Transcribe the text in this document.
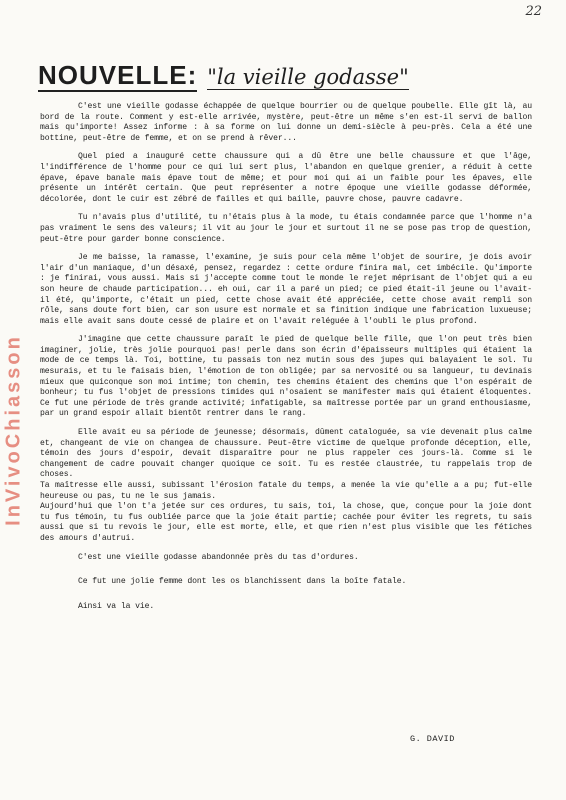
22
InVivoChiasson
NOUVELLE: "la vieille godasse"

C'est une vieille godasse échappée de quelque bourrier ou de quelque poubelle. Elle gît là, au bord de la route. Comment y est-elle arrivée, mystère, peut-être un même s'en est-il servi de ballon mais qu'importe! Assez informe : à sa forme on lui donne un demi-siècle à peu-près. Cela a été une bottine, peut-être de femme, et on se prend à rêver...

Quel pied a inauguré cette chaussure qui a dû être une belle chaussure et que l'âge, l'indifférence de l'homme pour ce qui lui sert plus, l'abandon en quelque grenier, a réduit à cette épave, épave banale mais épave tout de même; et pour moi qui ai un faible pour les épaves, elle présente un intérêt certain. Que peut représenter a notre époque une vieille godasse déformée, décolorée, dont le cuir est zébré de failles et qui baille, pauvre chose, pauvre cadavre.

Tu n'avais plus d'utilité, tu n'étais plus à la mode, tu étais condamnée parce que l'homme n'a pas vraiment le sens des valeurs; il vit au jour le jour et surtout il ne se pose pas trop de question, peut-être pour garder bonne conscience.

Je me baisse, la ramasse, l'examine, je suis pour cela même l'objet de sourire, je dois avoir l'air d'un maniaque, d'un désaxé, pensez, regardez : cette ordure finira mal, cet imbécile. Qu'importe : je finirai, vous aussi. Mais si j'accepte comme tout le monde le rejet méprisant de l'objet qui a eu son heure de chaude participation... eh oui, car il a paré un pied; ce pied était-il jeune ou l'avait-il été, qu'importe, c'était un pied, cette chose avait été appréciée, cette chose avait rempli son rôle, sans doute fort bien, car son usure est normale et sa finition indique une fabrication luxueuse; mais elle avait sans doute cessé de plaire et on l'avait reléguée à l'oubli le plus profond.

J'imagine que cette chaussure paraît le pied de quelque belle fille, que l'on peut très bien imaginer, jolie, très jolie pourquoi pas! perle dans son écrin d'épaisseurs multiples qui étaient la mode de ce temps là. Toi, bottine, tu passais ton nez mutin sous des jupes qui balayaient le sol. Tu mesurais, et tu le faisais bien, l'émotion de ton obligée; par sa nervosité ou sa langueur, tu devinais mieux que quiconque son moi intime; ton chemin, tes chemins étaient des chemins que l'on espérait de bonheur; tu fus l'objet de pressions timides qui n'osaient se manifester mais qui étaient éloquentes. Ce fut une période de très grande activité; infatigable, sa maîtresse portée par un grand enthousiasme, par un grand espoir allait bientôt rentrer dans le rang.

Elle avait eu sa période de jeunesse; désormais, dûment cataloguée, sa vie devenait plus calme et, changeant de vie on changea de chaussure. Peut-être victime de quelque profonde déception, elle, témoin des jours d'espoir, devait disparaître pour ne plus rappeler ces jours-là. Comme si le changement de cadre pouvait changer quoique ce soit. Tu es restée claustrée, tu rappelais trop de choses.
Ta maîtresse elle aussi, subissant l'érosion fatale du temps, a menée la vie qu'elle a a pu; fut-elle heureuse ou pas, tu ne le sus jamais.
Aujourd'hui que l'on t'a jetée sur ces ordures, tu sais, toi, la chose, que, conçue pour la joie dont tu fus témoin, tu fus oubliée parce que la joie était partie; cachée pour éviter les regrets, tu sais aussi que si tu revois le jour, elle est morte, elle, et que rien n'est plus visible que les fétiches des amours d'autrui.

C'est une vieille godasse abandonnée près du tas d'ordures.

Ce fut une jolie femme dont les os blanchissent dans la boîte fatale.

Ainsi va la vie.

G. DAVID
